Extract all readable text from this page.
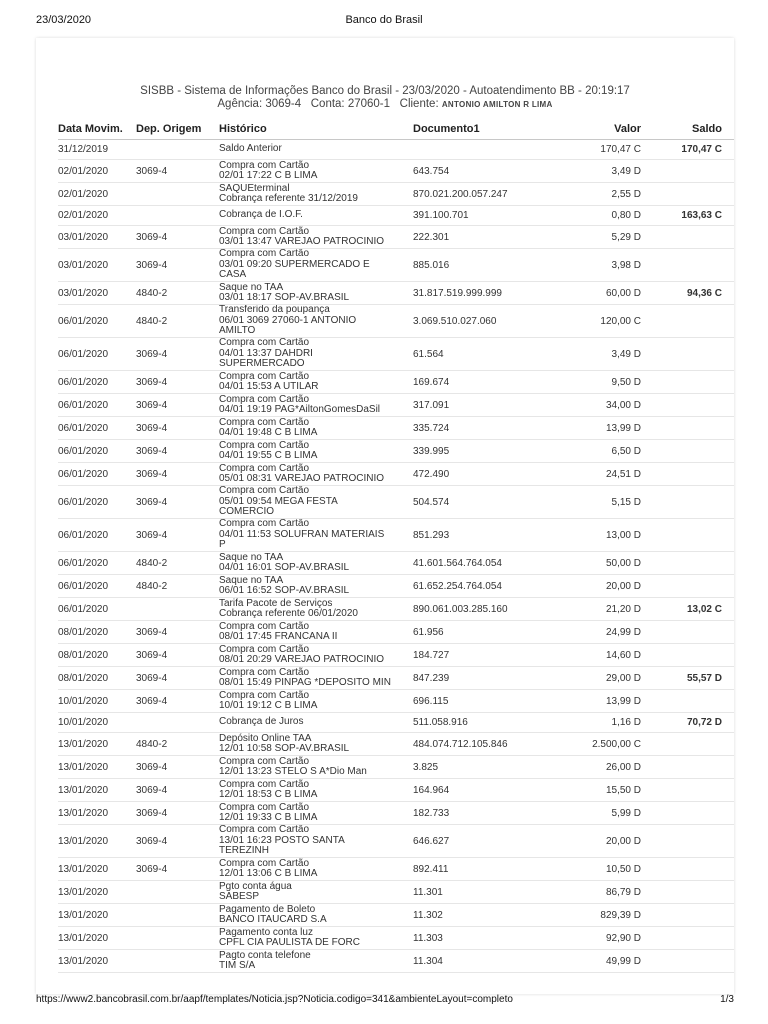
23/03/2020	Banco do Brasil
SISBB - Sistema de Informações Banco do Brasil - 23/03/2020 - Autoatendimento BB - 20:19:17
Agência: 3069-4 Conta: 27060-1 Cliente: ANTONIO AMILTON R LIMA
Data Movim.	Dep. Origem	Histórico	Documento1	Valor	Saldo
31/12/2019		Saldo Anterior		170,47 C	170,47 C
02/01/2020	3069-4	Compra com Cartão
02/01 17:22 C B LIMA	643.754	3,49 D	
02/01/2020		SAQUEterminal
Cobrança referente 31/12/2019	870.021.200.057.247	2,55 D	
02/01/2020		Cobrança de I.O.F.	391.100.701	0,80 D	163,63 C
03/01/2020	3069-4	Compra com Cartão
03/01 13:47 VAREJAO PATROCINIO	222.301	5,29 D	
03/01/2020	3069-4	Compra com Cartão
03/01 09:20 SUPERMERCADO E
CASA	885.016	3,98 D	
03/01/2020	4840-2	Saque no TAA
03/01 18:17 SOP-AV.BRASIL	31.817.519.999.999	60,00 D	94,36 C
06/01/2020	4840-2	Transferido da poupança
06/01 3069 27060-1 ANTONIO
AMILTO	3.069.510.027.060	120,00 C	
06/01/2020	3069-4	Compra com Cartão
04/01 13:37 DAHDRI
SUPERMERCADO	61.564	3,49 D	
06/01/2020	3069-4	Compra com Cartão
04/01 15:53 A UTILAR	169.674	9,50 D	
06/01/2020	3069-4	Compra com Cartão
04/01 19:19 PAG*AiltonGomesDaSil	317.091	34,00 D	
06/01/2020	3069-4	Compra com Cartão
04/01 19:48 C B LIMA	335.724	13,99 D	
06/01/2020	3069-4	Compra com Cartão
04/01 19:55 C B LIMA	339.995	6,50 D	
06/01/2020	3069-4	Compra com Cartão
05/01 08:31 VAREJAO PATROCINIO	472.490	24,51 D	
06/01/2020	3069-4	Compra com Cartão
05/01 09:54 MEGA FESTA
COMERCIO	504.574	5,15 D	
06/01/2020	3069-4	Compra com Cartão
04/01 11:53 SOLUFRAN MATERIAIS
P	851.293	13,00 D	
06/01/2020	4840-2	Saque no TAA
04/01 16:01 SOP-AV.BRASIL	41.601.564.764.054	50,00 D	
06/01/2020	4840-2	Saque no TAA
06/01 16:52 SOP-AV.BRASIL	61.652.254.764.054	20,00 D	
06/01/2020		Tarifa Pacote de Serviços
Cobrança referente 06/01/2020	890.061.003.285.160	21,20 D	13,02 C
08/01/2020	3069-4	Compra com Cartão
08/01 17:45 FRANCANA II	61.956	24,99 D	
08/01/2020	3069-4	Compra com Cartão
08/01 20:29 VAREJAO PATROCINIO	184.727	14,60 D	
08/01/2020	3069-4	Compra com Cartão
08/01 15:49 PINPAG *DEPOSITO MIN	847.239	29,00 D	55,57 D
10/01/2020	3069-4	Compra com Cartão
10/01 19:12 C B LIMA	696.115	13,99 D	
10/01/2020		Cobrança de Juros	511.058.916	1,16 D	70,72 D
13/01/2020	4840-2	Depósito Online TAA
12/01 10:58 SOP-AV.BRASIL	484.074.712.105.846	2.500,00 C	
13/01/2020	3069-4	Compra com Cartão
12/01 13:23 STELO S A*Dio Man	3.825	26,00 D	
13/01/2020	3069-4	Compra com Cartão
12/01 18:53 C B LIMA	164.964	15,50 D	
13/01/2020	3069-4	Compra com Cartão
12/01 19:33 C B LIMA	182.733	5,99 D	
13/01/2020	3069-4	Compra com Cartão
13/01 16:23 POSTO SANTA
TEREZINH	646.627	20,00 D	
13/01/2020	3069-4	Compra com Cartão
12/01 13:06 C B LIMA	892.411	10,50 D	
13/01/2020		Pgto conta água
SABESP	11.301	86,79 D	
13/01/2020		Pagamento de Boleto
BANCO ITAUCARD S.A	11.302	829,39 D	
13/01/2020		Pagamento conta luz
CPFL CIA PAULISTA DE FORC	11.303	92,90 D	
13/01/2020		Pagto conta telefone
TIM S/A	11.304	49,99 D	
https://www2.bancobrasil.com.br/aapf/templates/Noticia.jsp?Noticia.codigo=341&ambienteLayout=completo	1/3
